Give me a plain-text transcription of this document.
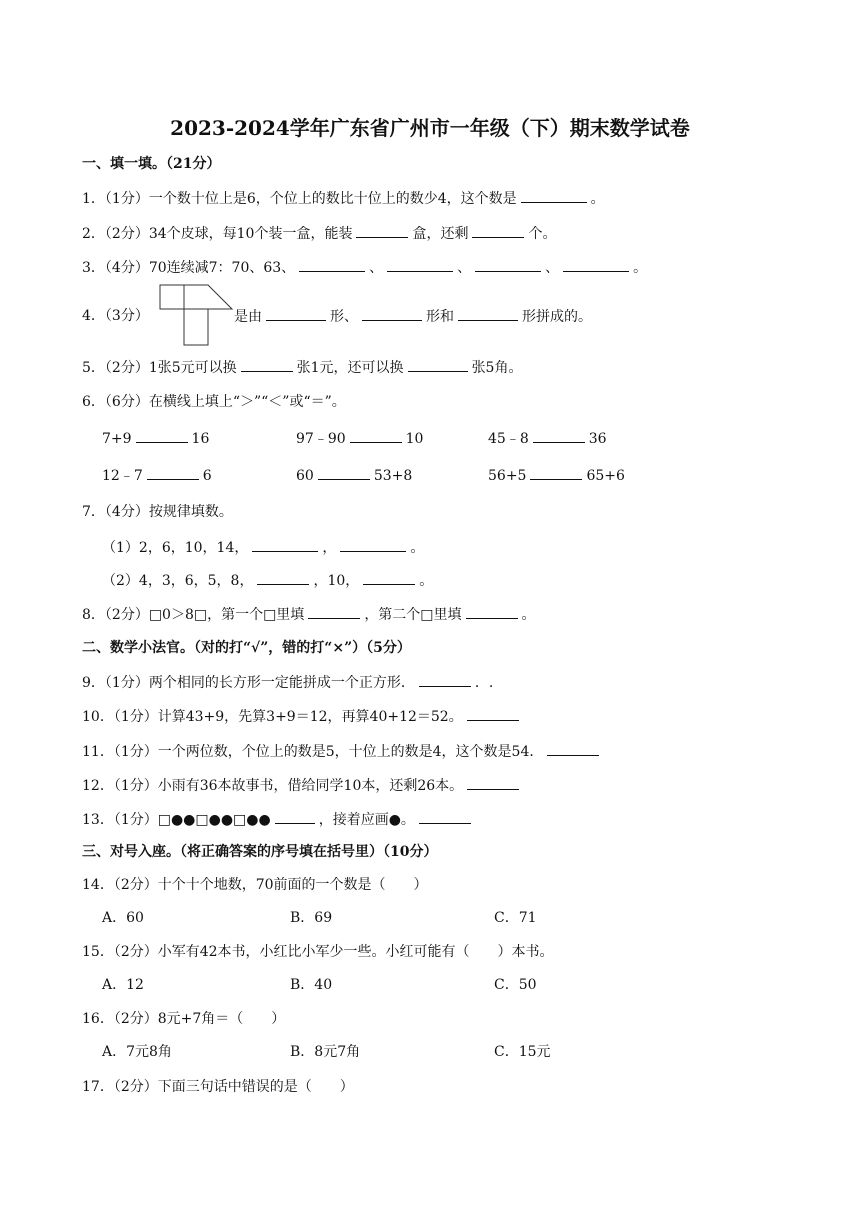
2023-2024学年广东省广州市一年级（下）期末数学试卷
一、填一填。（21分）
1．（1分）一个数十位上是6，个位上的数比十位上的数少4，这个数是	。
2．（2分）34个皮球，每10个装一盒，能装	盒，还剩	个。
3．（4分）70连续减7：70、63、	、	、	、	。
4．（3分）	是由	形、	形和	形拼成的。
5．（2分）1张5元可以换	张1元，还可以换	张5角。
6．（6分）在横线上填上“＞”“＜”或“＝”。
7+9	16	97﹣90	10	45﹣8	36
12﹣7	6	60	53+8	56+5	65+6
7．（4分）按规律填数。
（1）2，6，10，14，	，	。
（2）4，3，6，5，8，	，10，	。
8．（2分）□0＞8□，第一个□里填	，第二个□里填	。
二、数学小法官。（对的打“√”，错的打“×”）（5分）
9．（1分）两个相同的长方形一定能拼成一个正方形．	．.
10．（1分）计算43+9，先算3+9＝12，再算40+12＝52。
11．（1分）一个两位数，个位上的数是5，十位上的数是4，这个数是54．
12．（1分）小雨有36本故事书，借给同学10本，还剩26本。
13．（1分）□●●□●●□●●	，接着应画●。
三、对号入座。（将正确答案的序号填在括号里）（10分）
14．（2分）十个十个地数，70前面的一个数是（　　）
A．60	B．69	C．71
15．（2分）小军有42本书，小红比小军少一些。小红可能有（　　）本书。
A．12	B．40	C．50
16．（2分）8元+7角＝（　　）
A．7元8角	B．8元7角	C．15元
17．（2分）下面三句话中错误的是（　　）
